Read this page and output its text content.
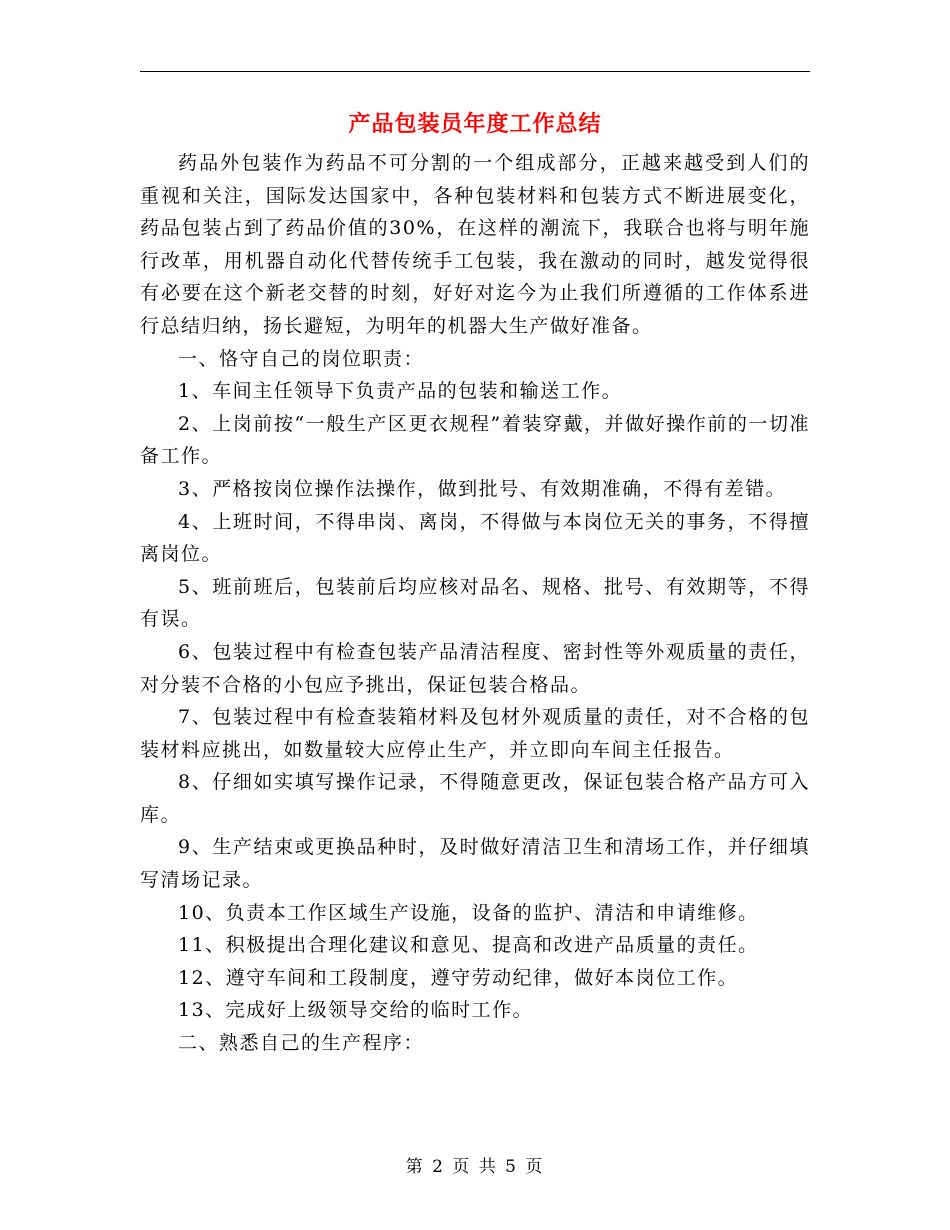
产品包装员年度工作总结

药品外包装作为药品不可分割的一个组成部分，正越来越受到人们的重视和关注，国际发达国家中，各种包装材料和包装方式不断进展变化，药品包装占到了药品价值的30%，在这样的潮流下，我联合也将与明年施行改革，用机器自动化代替传统手工包装，我在激动的同时，越发觉得很有必要在这个新老交替的时刻，好好对迄今为止我们所遵循的工作体系进行总结归纳，扬长避短，为明年的机器大生产做好准备。

一、恪守自己的岗位职责：

1、车间主任领导下负责产品的包装和输送工作。

2、上岗前按“一般生产区更衣规程”着装穿戴，并做好操作前的一切准备工作。

3、严格按岗位操作法操作，做到批号、有效期准确，不得有差错。

4、上班时间，不得串岗、离岗，不得做与本岗位无关的事务，不得擅离岗位。

5、班前班后，包装前后均应核对品名、规格、批号、有效期等，不得有误。

6、包装过程中有检查包装产品清洁程度、密封性等外观质量的责任，对分装不合格的小包应予挑出，保证包装合格品。

7、包装过程中有检查装箱材料及包材外观质量的责任，对不合格的包装材料应挑出，如数量较大应停止生产，并立即向车间主任报告。

8、仔细如实填写操作记录，不得随意更改，保证包装合格产品方可入库。

9、生产结束或更换品种时，及时做好清洁卫生和清场工作，并仔细填写清场记录。

10、负责本工作区域生产设施，设备的监护、清洁和申请维修。

11、积极提出合理化建议和意见、提高和改进产品质量的责任。

12、遵守车间和工段制度，遵守劳动纪律，做好本岗位工作。

13、完成好上级领导交给的临时工作。

二、熟悉自己的生产程序：

第 2 页 共 5 页
